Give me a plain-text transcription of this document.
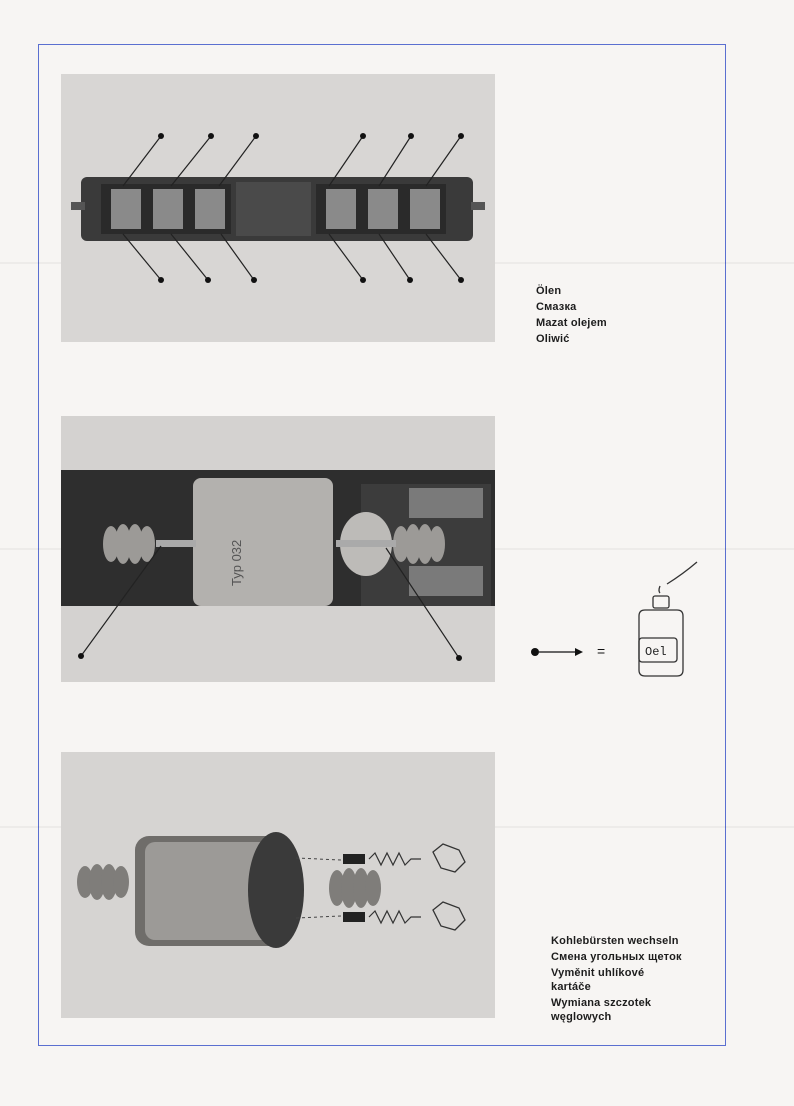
Ölen
Смазка
Mazat olejem
Oliwić
Typ 032
=	Oel
Kohlebürsten wechseln
Смена угольных щеток
Vyměnit uhlíkové
kartáče
Wymiana szczotek
węglowych
